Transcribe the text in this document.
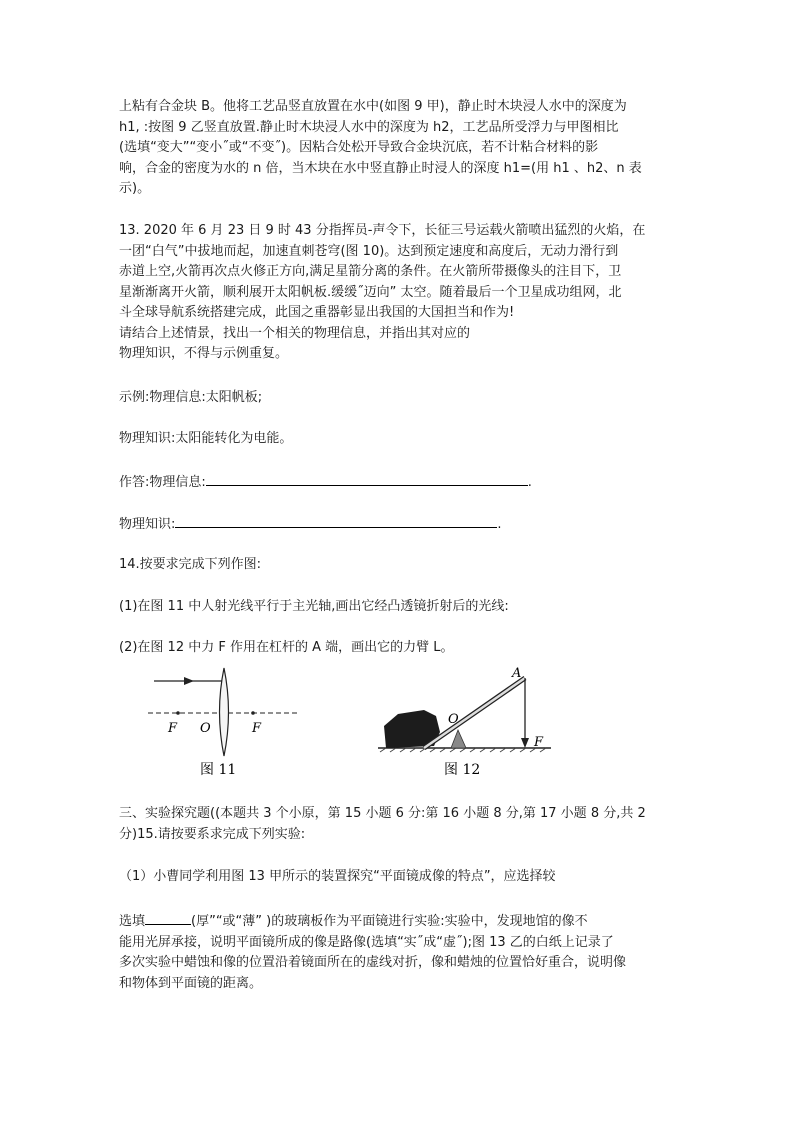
上粘有合金块 B。他将工艺品竖直放置在水中(如图 9 甲)，静止时木块浸人水中的深度为
h1, :按图 9 乙竖直放置.静止时木块浸人水中的深度为 h2，工艺品所受浮力与甲图相比
(选填“变大”“变小˝或“不变˝)。因粘合处松开导致合金块沉底，若不计粘合材料的影
响，合金的密度为水的 n 倍，当木块在水中竖直静止时浸人的深度 h1=(用 h1 、h2、n 表
示)。
13. 2020 年 6 月 23 日 9 时 43 分指挥员-声令下，长征三号运载火箭喷出猛烈的火焰，在
一团“白气”中拔地而起，加速直刺苍穹(图 10)。达到预定速度和高度后，无动力滑行到
赤道上空,火箭再次点火修正方向,满足星箭分离的条件。在火箭所带摄像头的注目下，卫
星渐渐离开火箭，顺利展开太阳帆板.缓缓˝迈向” 太空。随着最后一个卫星成功组网，北
斗全球导航系统搭建完成，此国之重器彰显出我国的大国担当和作为!
请结合上述情景，找出一个相关的物理信息，并指出其对应的
物理知识，不得与示例重复。
示例:物理信息:太阳帆板;
物理知识:太阳能转化为电能。
作答:物理信息:	.
物理知识:	.
14.按要求完成下列作图:
(1)在图 11 中人射光线平行于主光轴,画出它经凸透镜折射后的光线:
(2)在图 12 中力 F 作用在杠杆的 A 端，画出它的力臂 L。
F O	F
图 11
A
O
F
图 12
三、实验探究题((本题共 3 个小原，第 15 小题 6 分:第 16 小题 8 分,第 17 小题 8 分,共 2
分)15.请按要系求完成下列实验:
（1）小曹同学利用图 13 甲所示的装置探究“平面镜成像的特点”，应选择较
选填	(厚”“或“薄” )的玻璃板作为平面镜进行实验:实验中，发现地馆的像不
能用光屏承接，说明平面镜所成的像是路像(选填“实˝成“虚˝);图 13 乙的白纸上记录了
多次实验中蜡蚀和像的位置沿着镜面所在的虚线对折，像和蜡烛的位置恰好重合，说明像
和物体到平面镜的距离。
